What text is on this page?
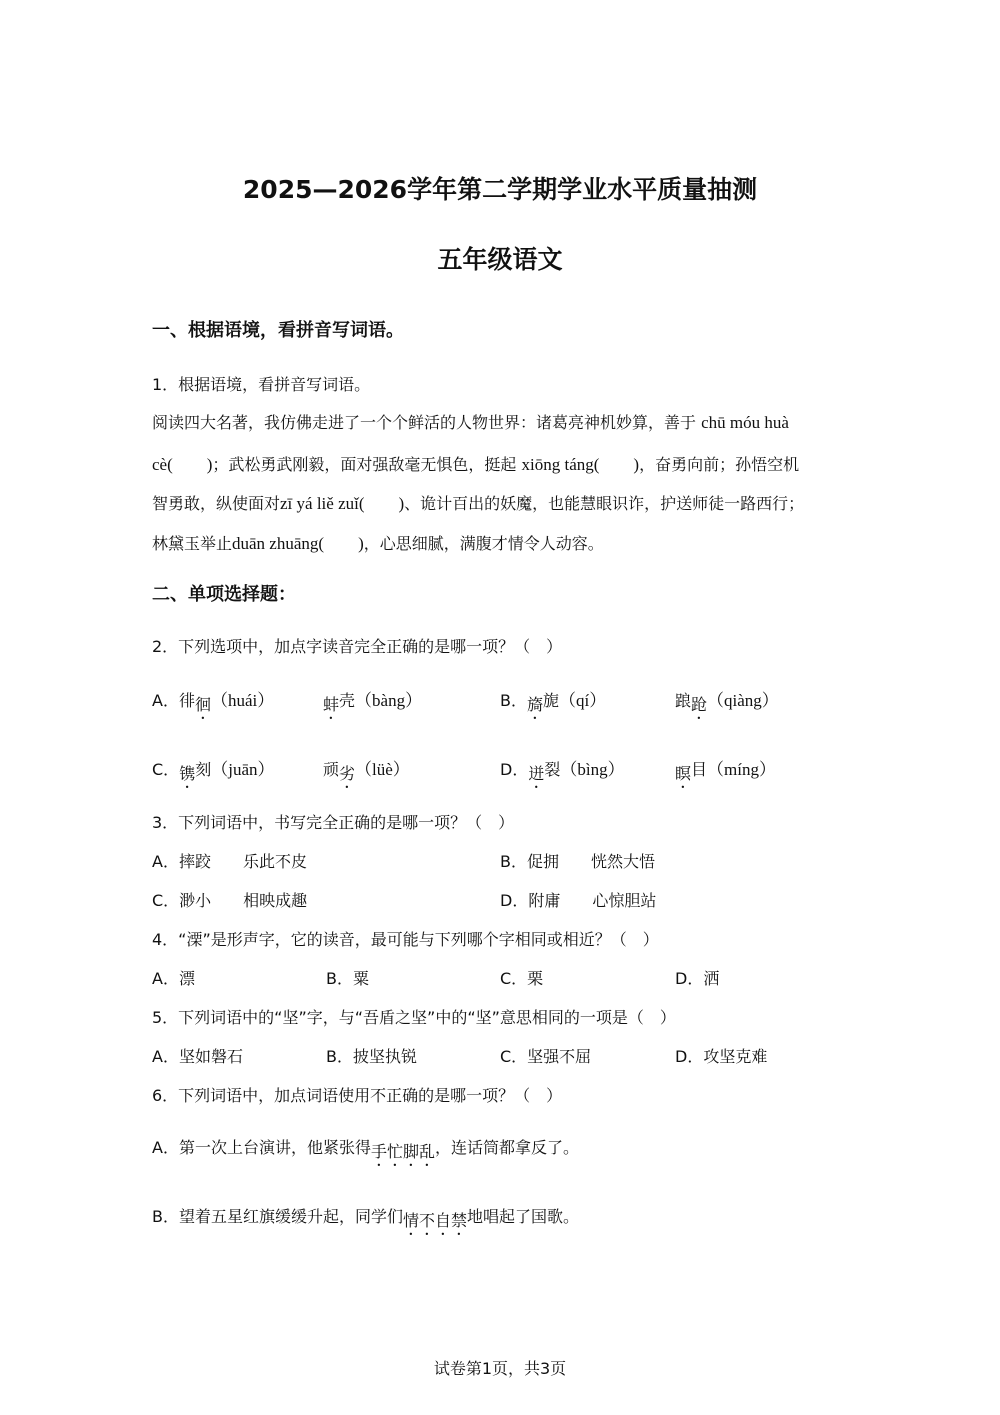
2025—2026学年第二学期学业水平质量抽测
五年级语文
一、根据语境，看拼音写词语。
1．根据语境，看拼音写词语。
阅读四大名著，我仿佛走进了一个个鲜活的人物世界：诸葛亮神机妙算，善于 chū móu huà
cè(　　)；武松勇武刚毅，面对强敌毫无惧色，挺起 xiōng táng(　　)，奋勇向前；孙悟空机
智勇敢，纵使面对zī yá liě zuǐ(　　)、诡计百出的妖魔，也能慧眼识诈，护送师徒一路西行；
林黛玉举止duān zhuāng(　　)，心思细腻，满腹才情令人动容。
二、单项选择题：
2．下列选项中，加点字读音完全正确的是哪一项？（　）
A．徘徊（huái）	蚌壳（bàng）	B．旖旎（qí）	踉跄（qiàng）
C．镌刻（juān）	顽劣（lüè）	D．迸裂（bìng）	瞑目（míng）
3．下列词语中，书写完全正确的是哪一项？（　）
A．摔跤　　乐此不皮	B．促拥　　恍然大悟
C．渺小　　相映成趣	D．附庸　　心惊胆站
4．“溧”是形声字，它的读音，最可能与下列哪个字相同或相近？（　）
A．漂	B．粟	C．栗	D．洒
5．下列词语中的“坚”字，与“吾盾之坚”中的“坚”意思相同的一项是（　）
A．坚如磐石	B．披坚执锐	C．坚强不屈	D．攻坚克难
6．下列词语中，加点词语使用不正确的是哪一项？（　）
A．第一次上台演讲，他紧张得手忙脚乱，连话筒都拿反了。
B．望着五星红旗缓缓升起，同学们情不自禁地唱起了国歌。
试卷第1页，共3页
